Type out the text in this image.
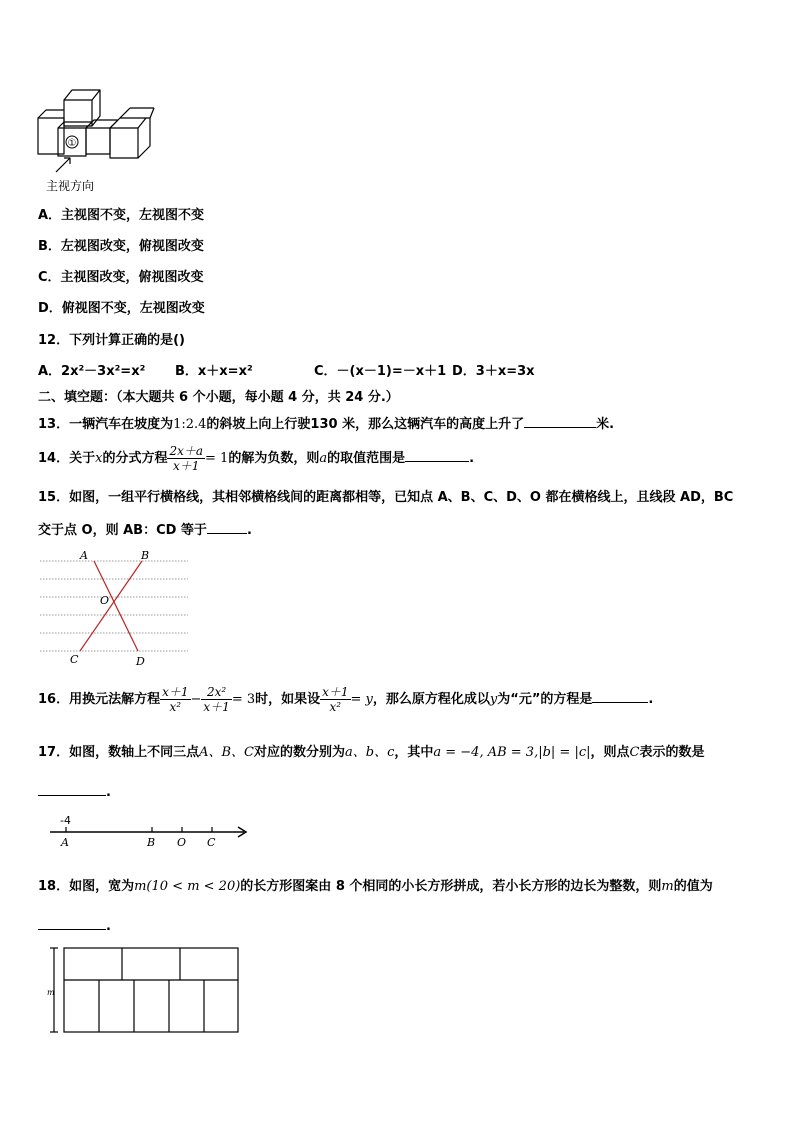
①
主视方向
A．主视图不变，左视图不变
B．左视图改变，俯视图改变
C．主视图改变，俯视图改变
D．俯视图不变，左视图改变
12．下列计算正确的是()
A．2x²－3x²=x² B．x＋x=x²	C．－(x－1)=－x＋1 D．3＋x=3x
二、填空题：（本大题共 6 个小题，每小题 4 分，共 24 分.）
13．一辆汽车在坡度为1:2.4的斜坡上向上行驶130 米，那么这辆汽车的高度上升了	米.
14．关于x的分式方程 $\frac{2x+a}{x+1} = 1$的解为负数，则a的取值范围是	.
15．如图，一组平行横格线，其相邻横格线间的距离都相等，已知点 A、B、C、D、O 都在横格线上，且线段 AD，BC
交于点 O，则 AB：CD 等于	.
A	B
O
C	D
16．用换元法解方程 $\frac{x+1}{\text{x²}} - \frac{\text{2x²}}{x+1} = 3$时，如果设 $\frac{x+1}{\text{x²}} = y$，那么原方程化成以y为“元”的方程是	.
17．如图，数轴上不同三点A、B、C对应的数分别为a、b、c，其中a = −4, AB = 3,|b| = |c|，则点C表示的数是
.
-4
A	B O C
18．如图，宽为m(10 < m < 20)的长方形图案由 8 个相同的小长方形拼成，若小长方形的边长为整数，则m的值为
.
m
